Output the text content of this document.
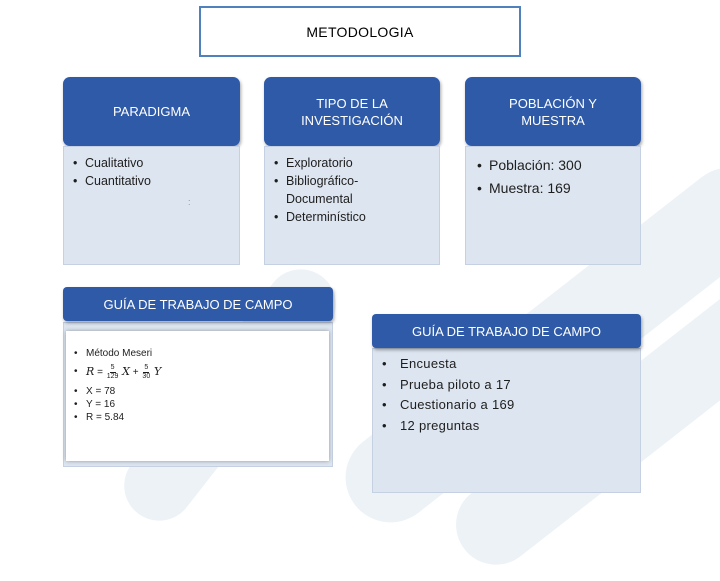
METODOLOGIA
PARADIGMA
• Cualitativo
• Cuantitativo
:
TIPO DE LA INVESTIGACIÓN
• Exploratorio
• Bibliográfico-Documental
• Determinístico
POBLACIÓN Y MUESTRA
• Población: 300
• Muestra: 169
• Método Meseri
• $R = \frac{5}{129}$ $X + \frac{5}{30}$ Y
• X = 78
• Y = 16
• R = 5.84
GUÍA DE TRABAJO DE CAMPO
• Encuesta
• Prueba piloto a 17
• Cuestionario a 169
• 12 preguntas
GUÍA DE TRABAJO DE CAMPO
